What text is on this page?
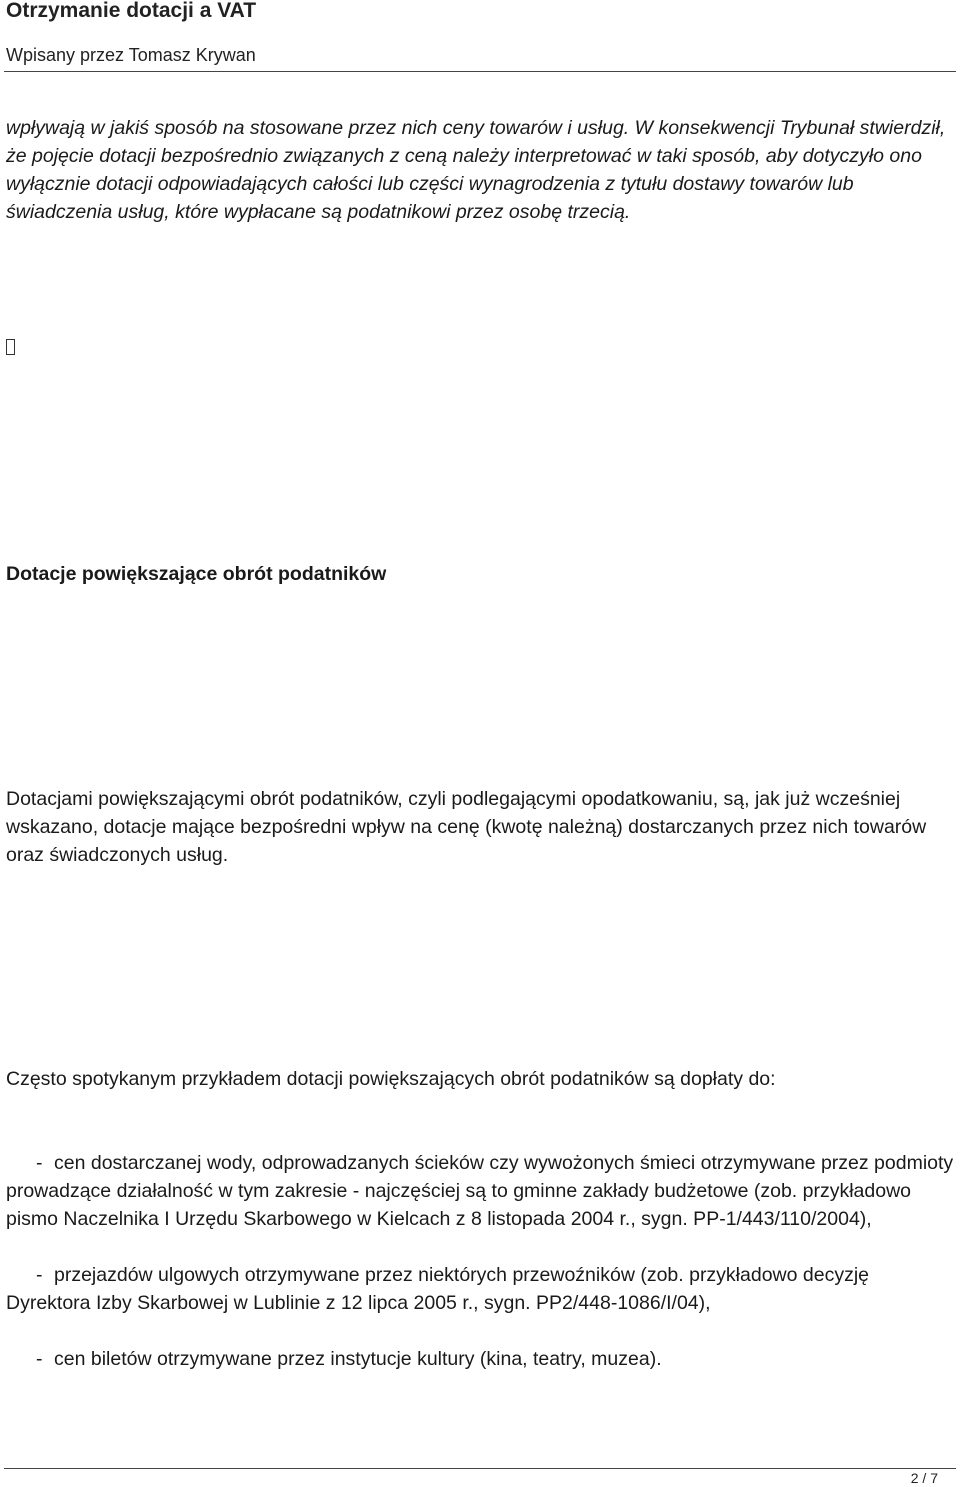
Otrzymanie dotacji a VAT
Wpisany przez Tomasz Krywan

wpływają w jakiś sposób na stosowane przez nich ceny towarów i usług. W konsekwencji Trybunał stwierdził, że pojęcie dotacji bezpośrednio związanych z ceną należy interpretować w taki sposób, aby dotyczyło ono wyłącznie dotacji odpowiadających całości lub części wynagrodzenia z tytułu dostawy towarów lub świadczenia usług, które wypłacane są podatnikowi przez osobę trzecią.

Dotacje powiększające obrót podatników

Dotacjami powiększającymi obrót podatników, czyli podlegającymi opodatkowaniu, są, jak już wcześniej wskazano, dotacje mające bezpośredni wpływ na cenę (kwotę należną) dostarczanych przez nich towarów oraz świadczonych usług.

Często spotykanym przykładem dotacji powiększających obrót podatników są dopłaty do:

- cen dostarczanej wody, odprowadzanych ścieków czy wywożonych śmieci otrzymywane przez podmioty prowadzące działalność w tym zakresie - najczęściej są to gminne zakłady budżetowe (zob. przykładowo pismo Naczelnika I Urzędu Skarbowego w Kielcach z 8 listopada 2004 r., sygn. PP-1/443/110/2004),

- przejazdów ulgowych otrzymywane przez niektórych przewoźników (zob. przykładowo decyzję Dyrektora Izby Skarbowej w Lublinie z 12 lipca 2005 r., sygn. PP2/448-1086/I/04),

- cen biletów otrzymywane przez instytucje kultury (kina, teatry, muzea).

2 / 7
